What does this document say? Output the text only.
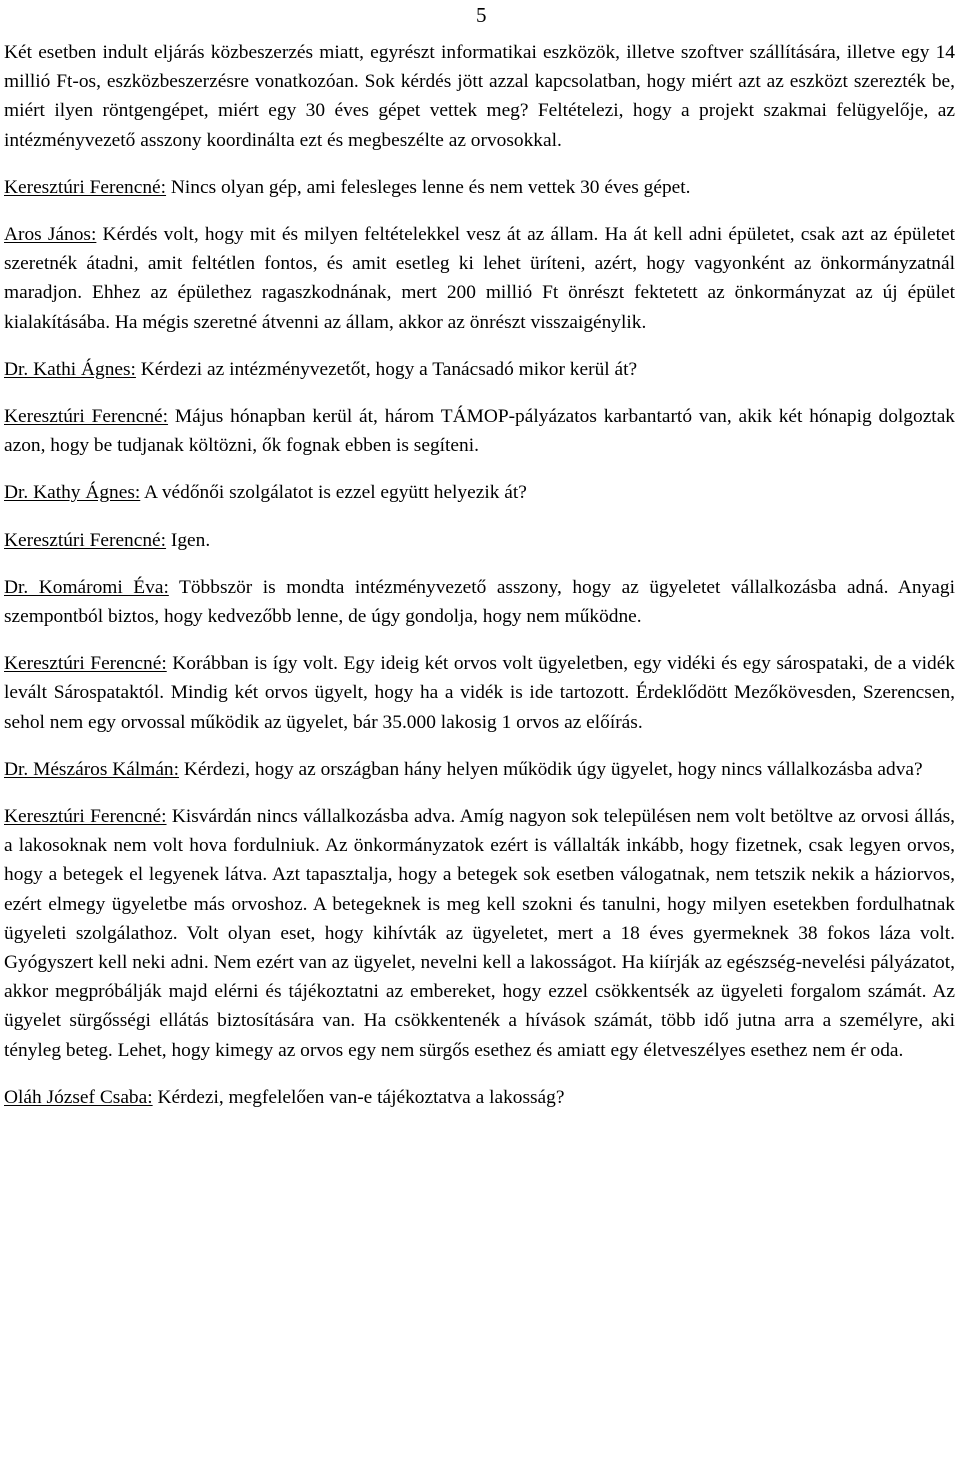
5

Két esetben indult eljárás közbeszerzés miatt, egyrészt informatikai eszközök, illetve szoftver szállítására, illetve egy 14 millió Ft-os, eszközbeszerzésre vonatkozóan. Sok kérdés jött azzal kapcsolatban, hogy miért azt az eszközt szerezték be, miért ilyen röntgengépet, miért egy 30 éves gépet vettek meg? Feltételezi, hogy a projekt szakmai felügyelője, az intézményvezető asszony koordinálta ezt és megbeszélte az orvosokkal.

Keresztúri Ferencné: Nincs olyan gép, ami felesleges lenne és nem vettek 30 éves gépet.

Aros János: Kérdés volt, hogy mit és milyen feltételekkel vesz át az állam. Ha át kell adni épületet, csak azt az épületet szeretnék átadni, amit feltétlen fontos, és amit esetleg ki lehet üríteni, azért, hogy vagyonként az önkormányzatnál maradjon. Ehhez az épülethez ragaszkodnának, mert 200 millió Ft önrészt fektetett az önkormányzat az új épület kialakításába. Ha mégis szeretné átvenni az állam, akkor az önrészt visszaigénylik.

Dr. Kathi Ágnes: Kérdezi az intézményvezetőt, hogy a Tanácsadó mikor kerül át?

Keresztúri Ferencné: Május hónapban kerül át, három TÁMOP-pályázatos karbantartó van, akik két hónapig dolgoztak azon, hogy be tudjanak költözni, ők fognak ebben is segíteni.

Dr. Kathy Ágnes: A védőnői szolgálatot is ezzel együtt helyezik át?

Keresztúri Ferencné: Igen.

Dr. Komáromi Éva: Többször is mondta intézményvezető asszony, hogy az ügyeletet vállalkozásba adná. Anyagi szempontból biztos, hogy kedvezőbb lenne, de úgy gondolja, hogy nem működne.

Keresztúri Ferencné: Korábban is így volt. Egy ideig két orvos volt ügyeletben, egy vidéki és egy sárospataki, de a vidék levált Sárospataktól. Mindig két orvos ügyelt, hogy ha a vidék is ide tartozott. Érdeklődött Mezőkövesden, Szerencsen, sehol nem egy orvossal működik az ügyelet, bár 35.000 lakosig 1 orvos az előírás.

Dr. Mészáros Kálmán: Kérdezi, hogy az országban hány helyen működik úgy ügyelet, hogy nincs vállalkozásba adva?

Keresztúri Ferencné: Kisvárdán nincs vállalkozásba adva. Amíg nagyon sok településen nem volt betöltve az orvosi állás, a lakosoknak nem volt hova fordulniuk. Az önkormányzatok ezért is vállalták inkább, hogy fizetnek, csak legyen orvos, hogy a betegek el legyenek látva. Azt tapasztalja, hogy a betegek sok esetben válogatnak, nem tetszik nekik a háziorvos, ezért elmegy ügyeletbe más orvoshoz. A betegeknek is meg kell szokni és tanulni, hogy milyen esetekben fordulhatnak ügyeleti szolgálathoz. Volt olyan eset, hogy kihívták az ügyeletet, mert a 18 éves gyermeknek 38 fokos láza volt. Gyógyszert kell neki adni. Nem ezért van az ügyelet, nevelni kell a lakosságot. Ha kiírják az egészség-nevelési pályázatot, akkor megpróbálják majd elérni és tájékoztatni az embereket, hogy ezzel csökkentsék az ügyeleti forgalom számát. Az ügyelet sürgősségi ellátás biztosítására van. Ha csökkentenék a hívások számát, több idő jutna arra a személyre, aki tényleg beteg. Lehet, hogy kimegy az orvos egy nem sürgős esethez és amiatt egy életveszélyes esethez nem ér oda.

Oláh József Csaba: Kérdezi, megfelelően van-e tájékoztatva a lakosság?
